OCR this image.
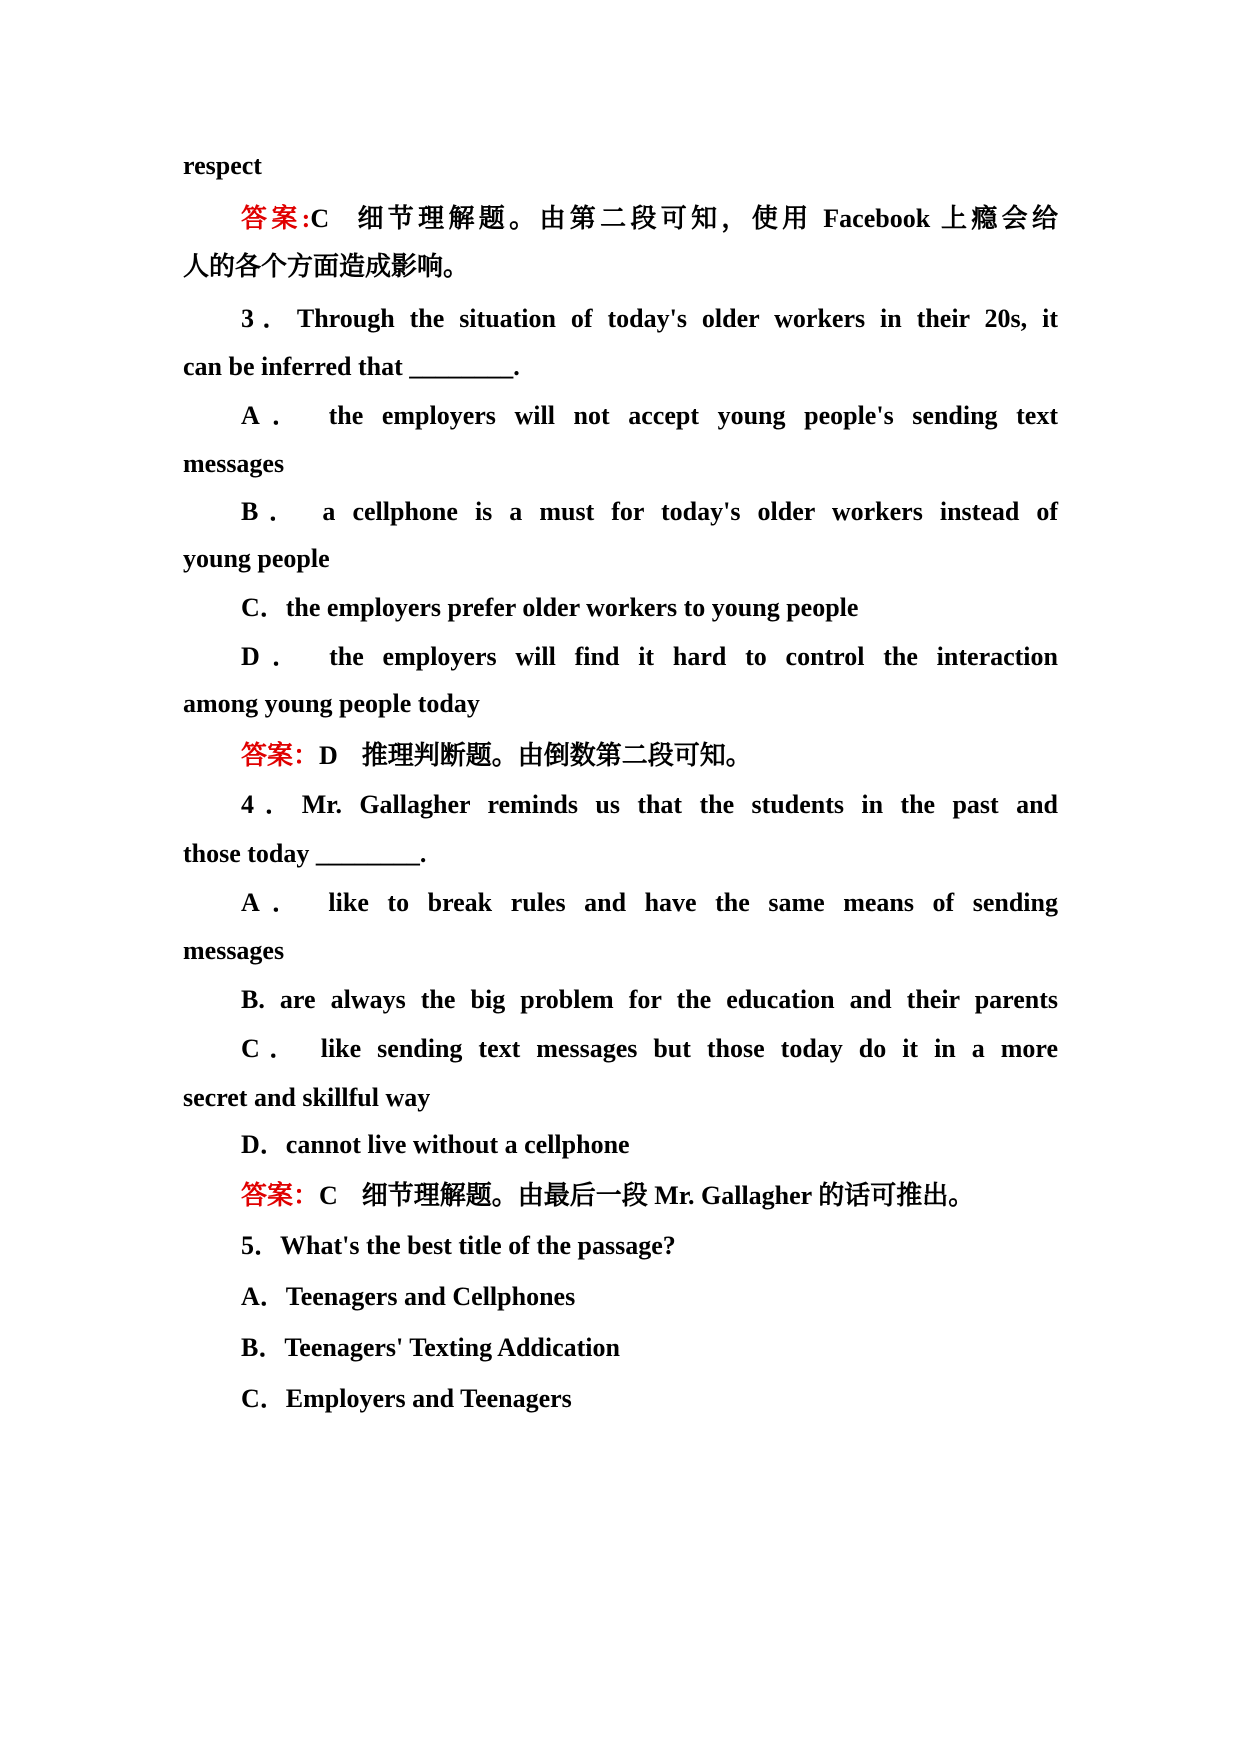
respect
答案:C 细节理解题。由第二段可知，使用 Facebook 上瘾会给
人的各个方面造成影响。
3．Through the situation of today's older workers in their 20s, it
can be inferred that ________.
A． the employers will not accept young people's sending text
messages
B． a cellphone is a must for today's older workers instead of
young people
C．the employers prefer older workers to young people
D． the employers will find it hard to control the interaction
among young people today
答案：D 推理判断题。由倒数第二段可知。
4．Mr. Gallagher reminds us that the students in the past and
those today ________.
A． like to break rules and have the same means of sending
messages
B. are always the big problem for the education and their parents
C． like sending text messages but those today do it in a more
secret and skillful way
D．cannot live without a cellphone
答案：C 细节理解题。由最后一段 Mr. Gallagher 的话可推出。
5．What's the best title of the passage?
A．Teenagers and Cellphones
B．Teenagers' Texting Addication
C．Employers and Teenagers
